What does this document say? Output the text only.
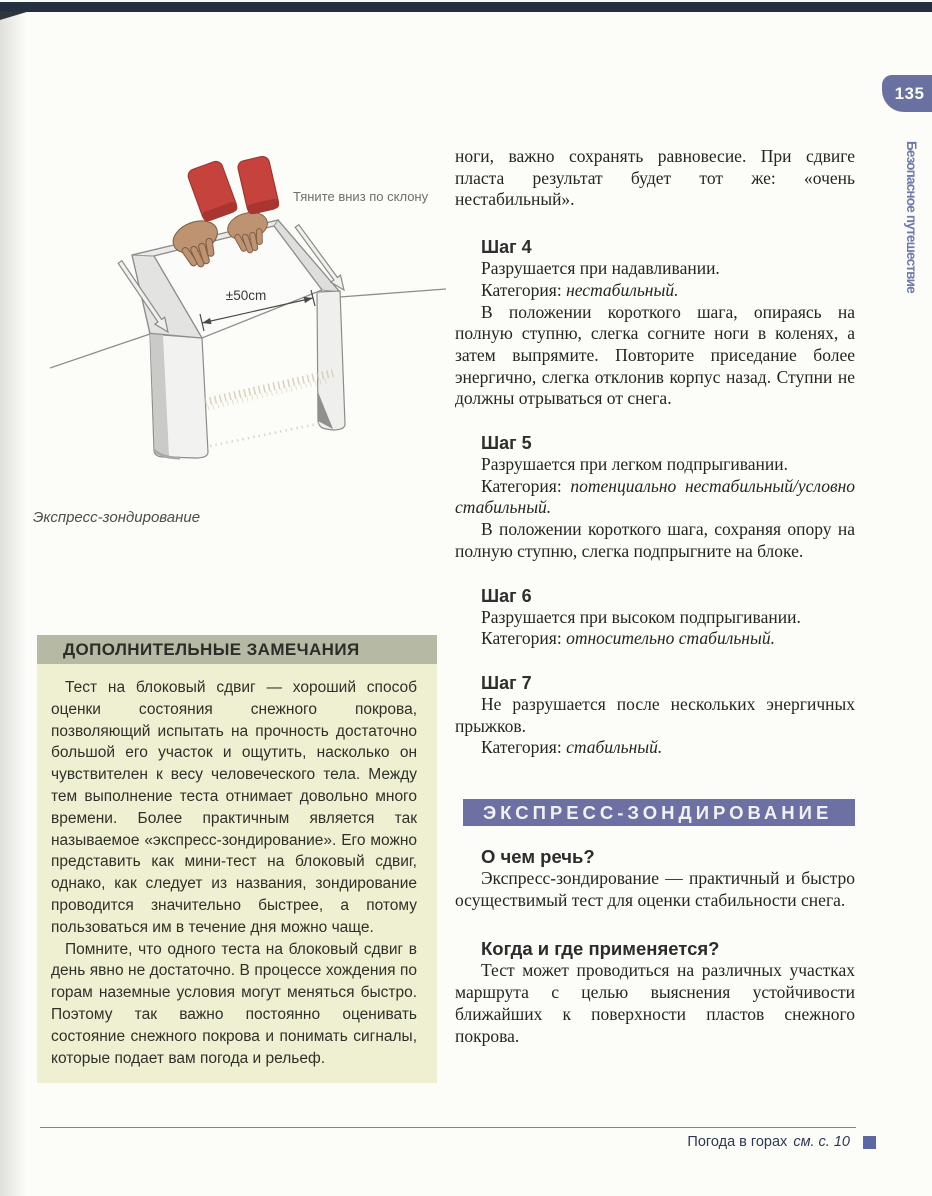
135
Безопасное путешествие
±50cm
Тяните вниз по склону
Экспресс-зондирование
ДОПОЛНИТЕЛЬНЫЕ ЗАМЕЧАНИЯ

Тест на блоковый сдвиг — хороший способ оценки состояния снежного покрова, позволяющий испытать на прочность достаточно большой его участок и ощутить, насколько он чувствителен к весу человеческого тела. Между тем выполнение теста отнимает довольно много времени. Более практичным является так называемое «экспресс-зондирование». Его можно представить как мини-тест на блоковый сдвиг, однако, как следует из названия, зондирование проводится значительно быстрее, а потому пользоваться им в течение дня можно чаще.

Помните, что одного теста на блоковый сдвиг в день явно не достаточно. В процессе хождения по горам наземные условия могут меняться быстро. Поэтому так важно постоянно оценивать состояние снежного покрова и понимать сигналы, которые подает вам погода и рельеф.

ноги, важно сохранять равновесие. При сдвиге пласта результат будет тот же: «очень нестабильный».

Шаг 4

Разрушается при надавливании.

Категория: нестабильный.

В положении короткого шага, опираясь на полную ступню, слегка согните ноги в коленях, а затем выпрямите. Повторите приседание более энергично, слегка отклонив корпус назад. Ступни не должны отрываться от снега.

Шаг 5

Разрушается при легком подпрыгивании.

Категория: потенциально нестабильный/условно стабильный.

В положении короткого шага, сохраняя опору на полную ступню, слегка подпрыгните на блоке.

Шаг 6

Разрушается при высоком подпрыгивании.

Категория: относительно стабильный.

Шаг 7

Не разрушается после нескольких энергичных прыжков.

Категория: стабильный.

ЭКСПРЕСС-ЗОНДИРОВАНИЕ
О чем речь?

Экспресс-зондирование — практичный и быстро осуществимый тест для оценки стабильности снега.

Когда и где применяется?

Тест может проводиться на различных участках маршрута с целью выяснения устойчивости ближайших к поверхности пластов снежного покрова.

Погода в горах см. с. 10
